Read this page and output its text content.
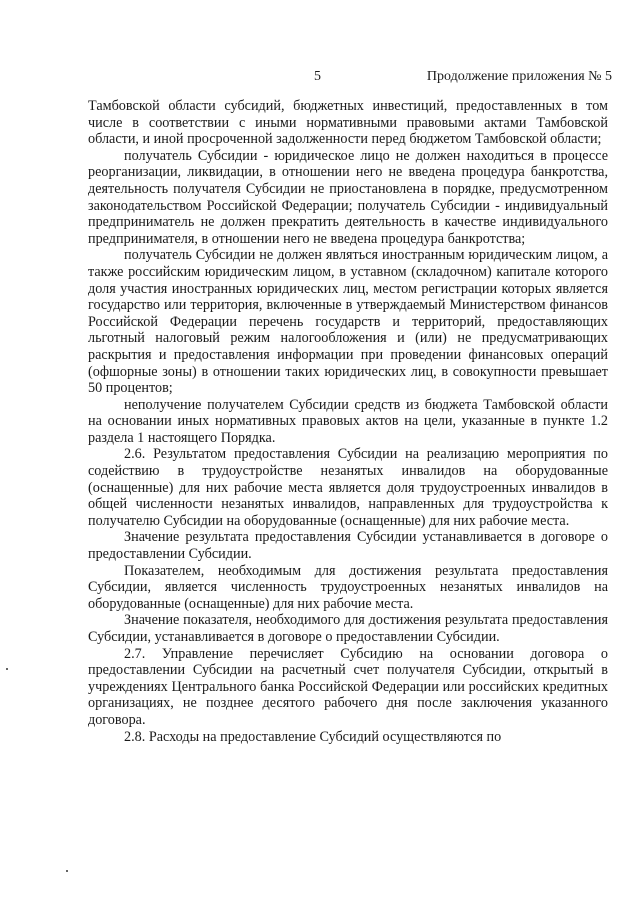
5	Продолжение приложения № 5

Тамбовской области субсидий, бюджетных инвестиций, предоставленных в том числе в соответствии с иными нормативными правовыми актами Тамбовской области, и иной просроченной задолженности перед бюджетом Тамбовской области;

получатель Субсидии - юридическое лицо не должен находиться в процессе реорганизации, ликвидации, в отношении него не введена процедура банкротства, деятельность получателя Субсидии не приостановлена в порядке, предусмотренном законодательством Российской Федерации; получатель Субсидии - индивидуальный предприниматель не должен прекратить деятельность в качестве индивидуального предпринимателя, в отношении него не введена процедура банкротства;

получатель Субсидии не должен являться иностранным юридическим лицом, а также российским юридическим лицом, в уставном (складочном) капитале которого доля участия иностранных юридических лиц, местом регистрации которых является государство или территория, включенные в утверждаемый Министерством финансов Российской Федерации перечень государств и территорий, предоставляющих льготный налоговый режим налогообложения и (или) не предусматривающих раскрытия и предоставления информации при проведении финансовых операций (офшорные зоны) в отношении таких юридических лиц, в совокупности превышает 50 процентов;

неполучение получателем Субсидии средств из бюджета Тамбовской области на основании иных нормативных правовых актов на цели, указанные в пункте 1.2 раздела 1 настоящего Порядка.

2.6. Результатом предоставления Субсидии на реализацию мероприятия по содействию в трудоустройстве незанятых инвалидов на оборудованные (оснащенные) для них рабочие места является доля трудоустроенных инвалидов в общей численности незанятых инвалидов, направленных для трудоустройства к получателю Субсидии на оборудованные (оснащенные) для них рабочие места.

Значение результата предоставления Субсидии устанавливается в договоре о предоставлении Субсидии.

Показателем, необходимым для достижения результата предоставления Субсидии, является численность трудоустроенных незанятых инвалидов на оборудованные (оснащенные) для них рабочие места.

Значение показателя, необходимого для достижения результата предоставления Субсидии, устанавливается в договоре о предоставлении Субсидии.

2.7. Управление перечисляет Субсидию на основании договора о предоставлении Субсидии на расчетный счет получателя Субсидии, открытый в учреждениях Центрального банка Российской Федерации или российских кредитных организациях, не позднее десятого рабочего дня после заключения указанного договора.

2.8. Расходы на предоставление Субсидий осуществляются по
